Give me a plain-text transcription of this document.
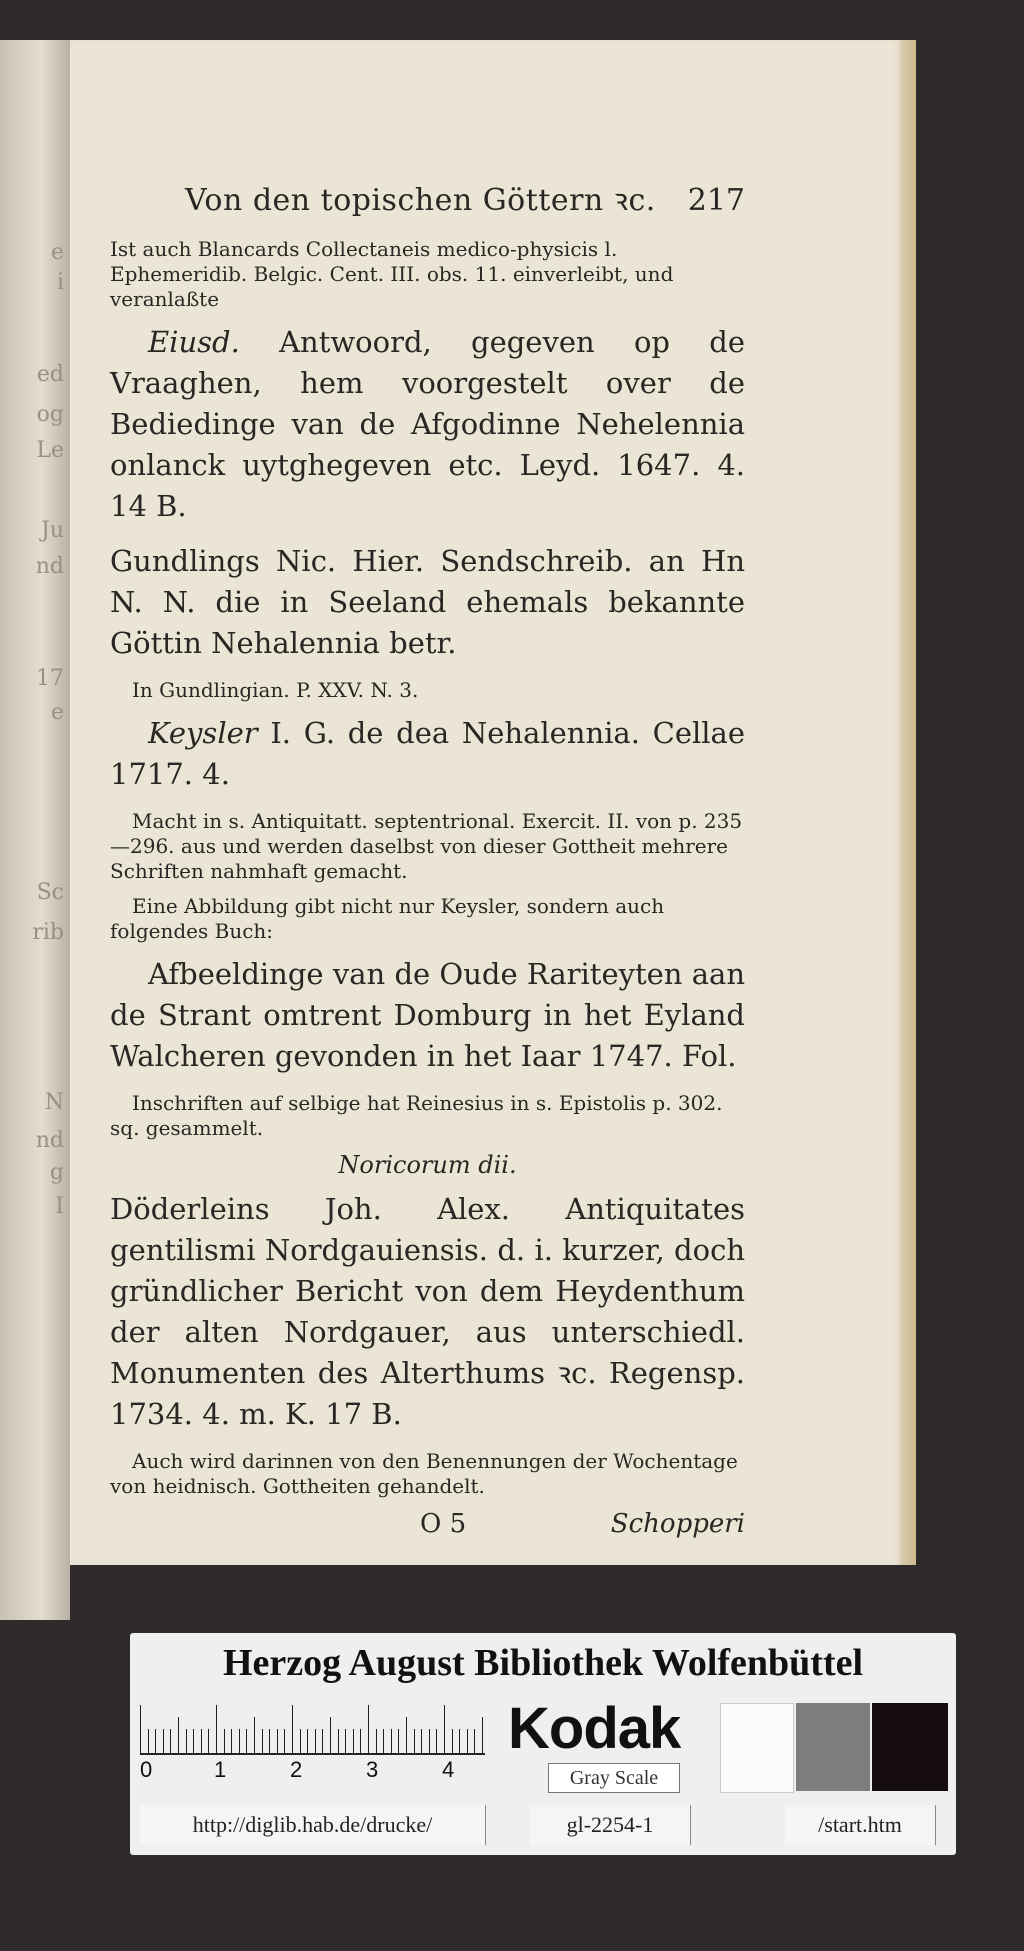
e
i
ed
og
Le
Ju
nd
17
e
Sc
rib
N
nd
g
I
Von den topischen Göttern ꝛc. 217

Ist auch Blancards Collectaneis medico-physicis l. Ephemeridib. Belgic. Cent. III. obs. 11. einverleibt, und veranlaßte

Eiusd. Antwoord, gegeven op de Vraaghen, hem voorgestelt over de Bediedinge van de Afgodinne Nehelennia onlanck uytghegeven etc. Leyd. 1647. 4. 14 B.

Gundlings Nic. Hier. Sendschreib. an Hn N. N. die in Seeland ehemals bekannte Göttin Nehalennia betr.

In Gundlingian. P. XXV. N. 3.

Keysler I. G. de dea Nehalennia. Cellae 1717. 4.

Macht in s. Antiquitatt. septentrional. Exercit. II. von p. 235—296. aus und werden daselbst von dieser Gottheit mehrere Schriften nahmhaft gemacht.

Eine Abbildung gibt nicht nur Keysler, sondern auch folgendes Buch:

Afbeeldinge van de Oude Rariteyten aan de Strant omtrent Domburg in het Eyland Walcheren gevonden in het Iaar 1747. Fol.

Inschriften auf selbige hat Reinesius in s. Epistolis p. 302. sq. gesammelt.

Noricorum dii.

Döderleins Joh. Alex. Antiquitates gentilismi Nordgauiensis. d. i. kurzer, doch gründlicher Bericht von dem Heydenthum der alten Nordgauer, aus unterschiedl. Monumenten des Alterthums ꝛc. Regensp. 1734. 4. m. K. 17 B.

Auch wird darinnen von den Benennungen der Wochentage von heidnisch. Gottheiten gehandelt.

O 5	Schopperi
Herzog August Bibliothek Wolfenbüttel
0	1	2	3	4
Kodak
Gray Scale
http://diglib.hab.de/drucke/	gl-2254-1	/start.htm
